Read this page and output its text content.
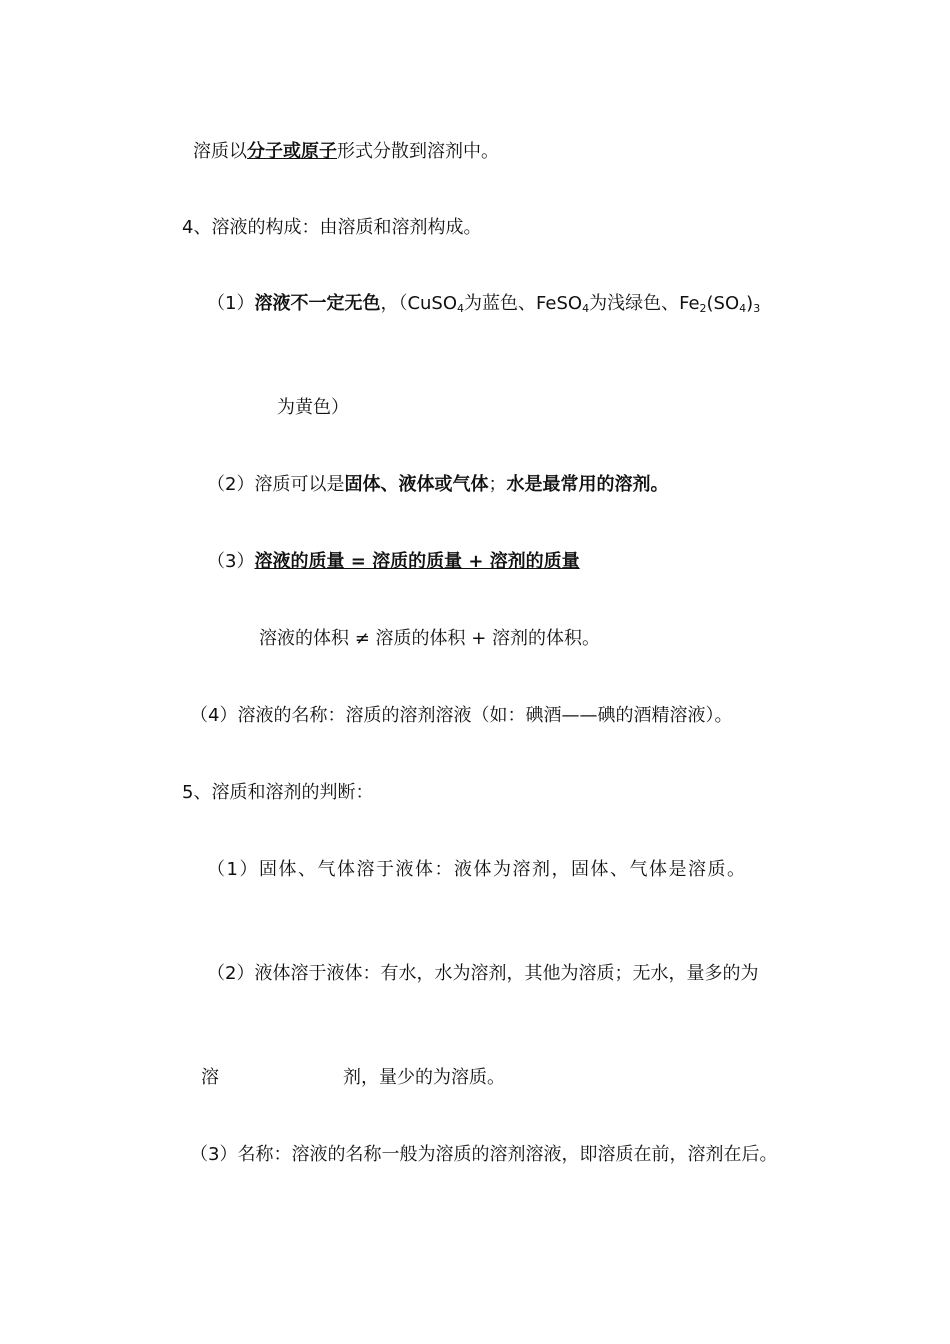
溶质以分子或原子形式分散到溶剂中。
4、溶液的构成：由溶质和溶剂构成。
（1）溶液不一定无色，（CuSO$_4$为蓝色、FeSO$_4$为浅绿色、$Fe_2(SO_4)_3$
为黄色）
（2）溶质可以是固体、液体或气体；水是最常用的溶剂。
（3）溶液的质量 = 溶质的质量 + 溶剂的质量
溶液的体积 ≠ 溶质的体积 + 溶剂的体积。
（4）溶液的名称：溶质的溶剂溶液（如：碘酒——碘的酒精溶液）。
5、溶质和溶剂的判断：
（1）固体、气体溶于液体：液体为溶剂，固体、气体是溶质。
（2）液体溶于液体：有水，水为溶剂，其他为溶质；无水，量多的为
溶	剂，量少的为溶质。
（3）名称：溶液的名称一般为溶质的溶剂溶液，即溶质在前，溶剂在后。
